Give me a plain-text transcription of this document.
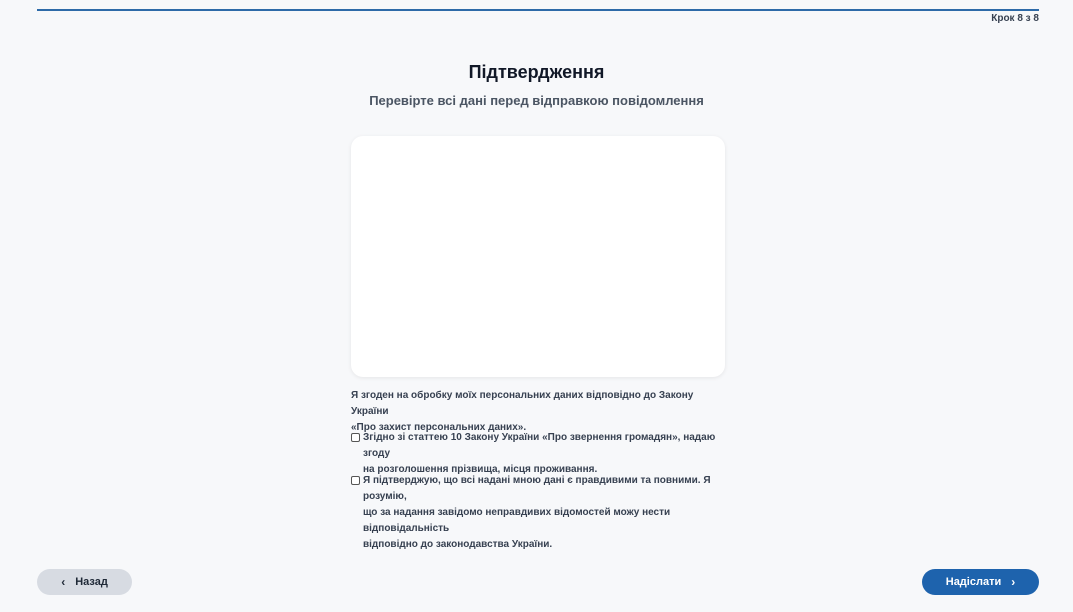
Крок 8 з 8
Підтвердження
Перевірте всі дані перед відправкою повідомлення
Я згоден на обробку моїх персональних даних відповідно до Закону України
«Про захист персональних даних».
Згідно зі статтею 10 Закону України «Про звернення громадян», надаю згоду
на розголошення прізвища, місця проживання.
Я підтверджую, що всі надані мною дані є правдивими та повними. Я розумію,
що за надання завідомо неправдивих відомостей можу нести відповідальність
відповідно до законодавства України.
‹ Назад	Надіслати ›
